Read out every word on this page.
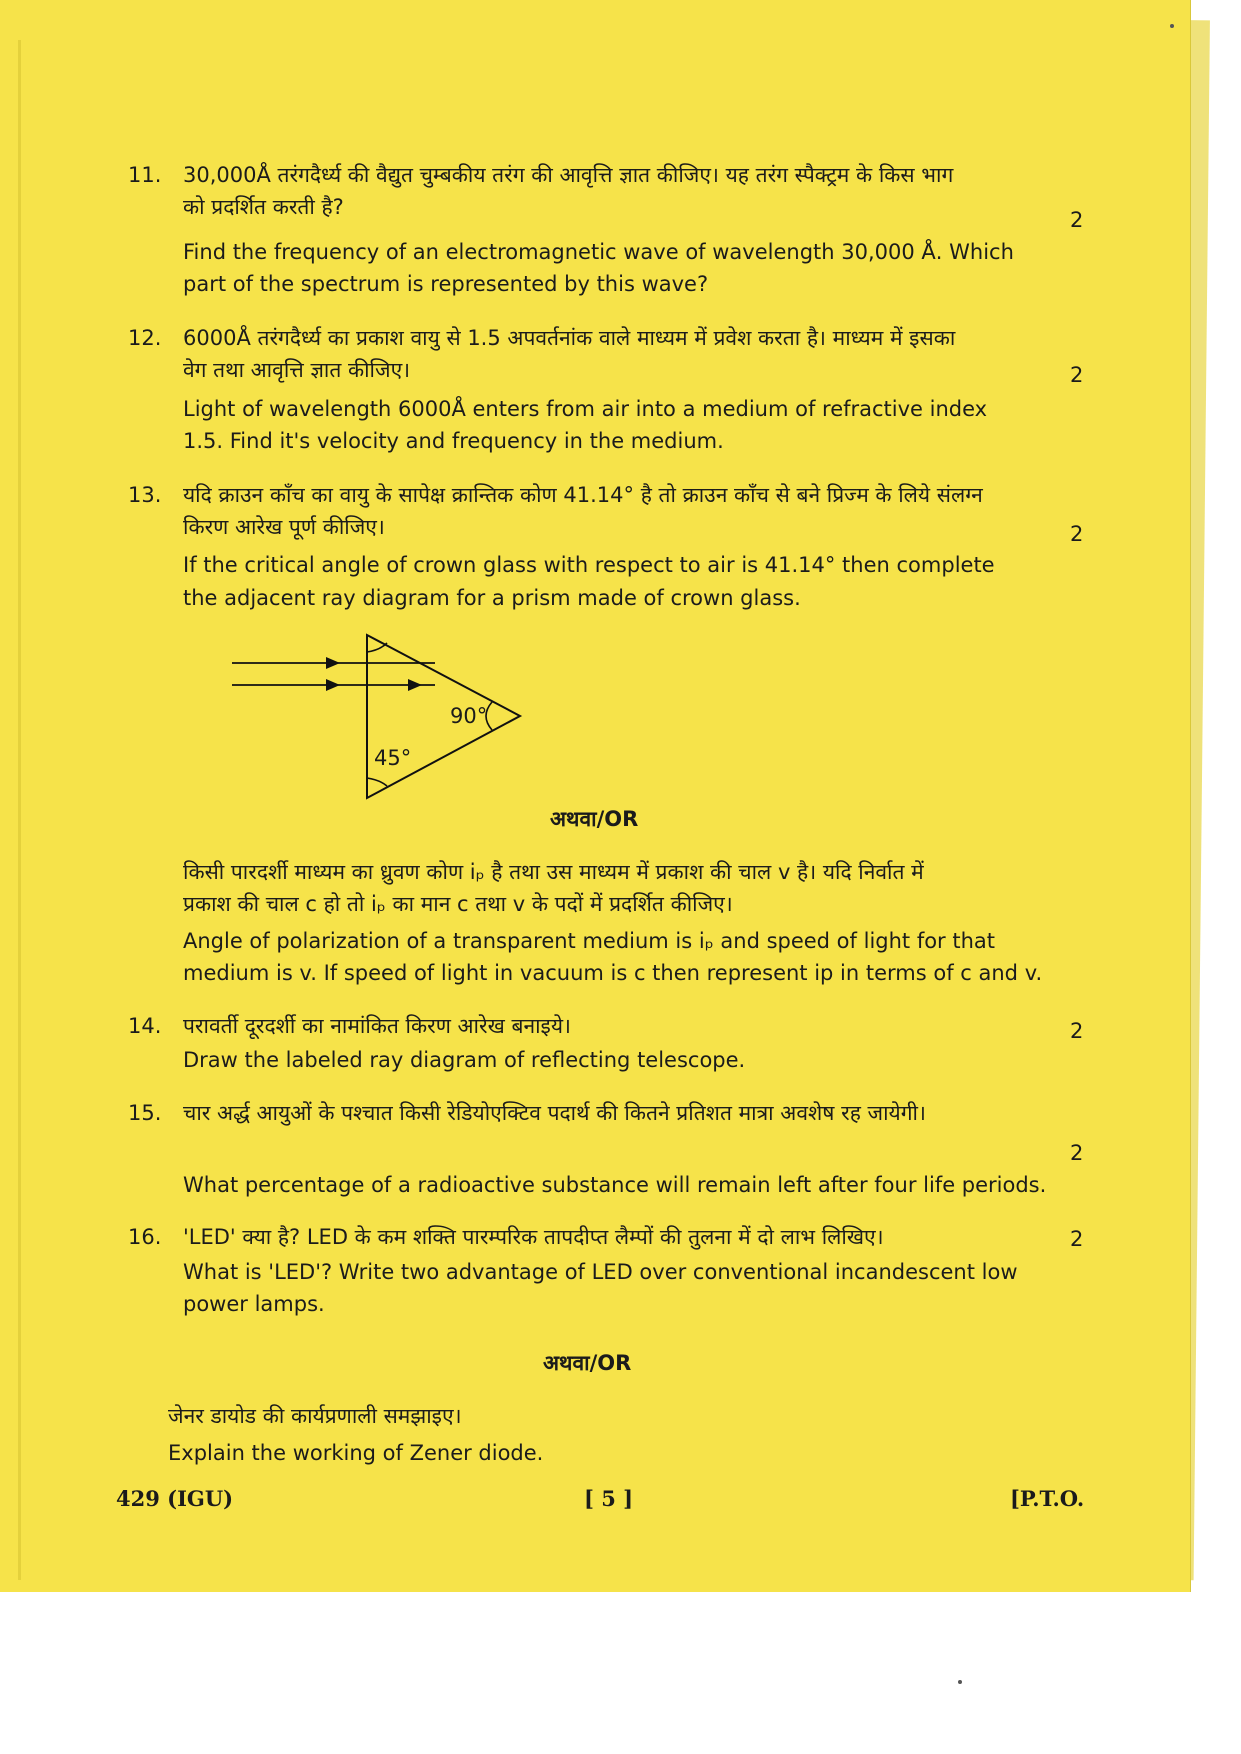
11. 30,000Å तरंगदैर्ध्य की वैद्युत चुम्बकीय तरंग की आवृत्ति ज्ञात कीजिए। यह तरंग स्पैक्ट्रम के किस भाग
को प्रदर्शित करती है?
2
Find the frequency of an electromagnetic wave of wavelength 30,000 Å. Which
part of the spectrum is represented by this wave?
12. 6000Å तरंगदैर्ध्य का प्रकाश वायु से 1.5 अपवर्तनांक वाले माध्यम में प्रवेश करता है। माध्यम में इसका
वेग तथा आवृत्ति ज्ञात कीजिए।	2
Light of wavelength 6000Å enters from air into a medium of refractive index
1.5. Find it's velocity and frequency in the medium.
13. यदि क्राउन काँच का वायु के सापेक्ष क्रान्तिक कोण 41.14° है तो क्राउन काँच से बने प्रिज्म के लिये संलग्न
किरण आरेख पूर्ण कीजिए।	2
If the critical angle of crown glass with respect to air is 41.14° then complete
the adjacent ray diagram for a prism made of crown glass.
90°
45°
अथवा/OR
किसी पारदर्शी माध्यम का ध्रुवण कोण iₚ है तथा उस माध्यम में प्रकाश की चाल v है। यदि निर्वात में
प्रकाश की चाल c हो तो iₚ का मान c तथा v के पदों में प्रदर्शित कीजिए।
Angle of polarization of a transparent medium is iₚ and speed of light for that
medium is v. If speed of light in vacuum is c then represent ip in terms of c and v.
14. परावर्ती दूरदर्शी का नामांकित किरण आरेख बनाइये।	2
Draw the labeled ray diagram of reflecting telescope.
15. चार अर्द्ध आयुओं के पश्चात किसी रेडियोएक्टिव पदार्थ की कितने प्रतिशत मात्रा अवशेष रह जायेगी।
2
What percentage of a radioactive substance will remain left after four life periods.
16. 'LED' क्या है? LED के कम शक्ति पारम्परिक तापदीप्त लैम्पों की तुलना में दो लाभ लिखिए।	2
What is 'LED'? Write two advantage of LED over conventional incandescent low
power lamps.
अथवा/OR
जेनर डायोड की कार्यप्रणाली समझाइए।
Explain the working of Zener diode.
429 (IGU)	[ 5 ]	[P.T.O.
